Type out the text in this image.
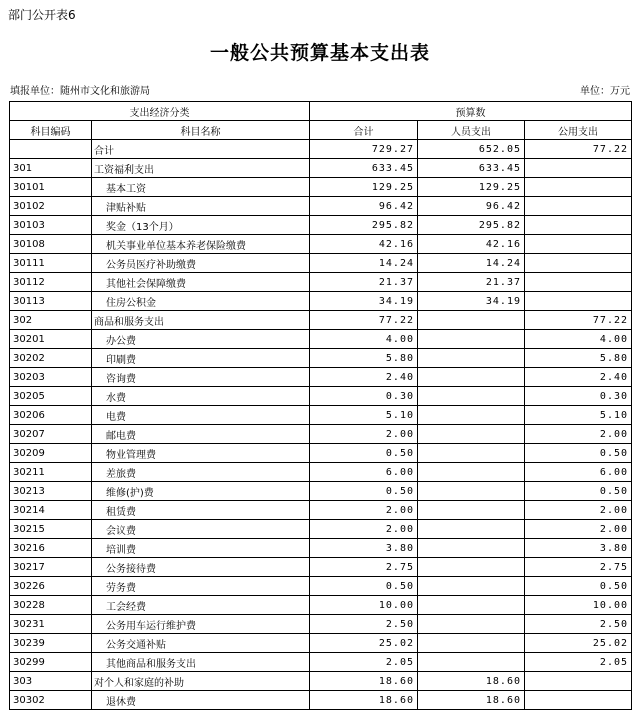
部门公开表6
一般公共预算基本支出表
填报单位：随州市文化和旅游局	单位：万元
支出经济分类		预算数		
科目编码	科目名称	合计	人员支出	公用支出
	合计	729.27	652.05	77.22
301	工资福利支出	633.45	633.45	
30101	基本工资	129.25	129.25	
30102	津贴补贴	96.42	96.42	
30103	奖金（13个月）	295.82	295.82	
30108	机关事业单位基本养老保险缴费	42.16	42.16	
30111	公务员医疗补助缴费	14.24	14.24	
30112	其他社会保障缴费	21.37	21.37	
30113	住房公积金	34.19	34.19	
302	商品和服务支出	77.22		77.22
30201	办公费	4.00		4.00
30202	印刷费	5.80		5.80
30203	咨询费	2.40		2.40
30205	水费	0.30		0.30
30206	电费	5.10		5.10
30207	邮电费	2.00		2.00
30209	物业管理费	0.50		0.50
30211	差旅费	6.00		6.00
30213	维修(护)费	0.50		0.50
30214	租赁费	2.00		2.00
30215	会议费	2.00		2.00
30216	培训费	3.80		3.80
30217	公务接待费	2.75		2.75
30226	劳务费	0.50		0.50
30228	工会经费	10.00		10.00
30231	公务用车运行维护费	2.50		2.50
30239	公务交通补贴	25.02		25.02
30299	其他商品和服务支出	2.05		2.05
303	对个人和家庭的补助	18.60	18.60	
30302	退休费	18.60	18.60	
